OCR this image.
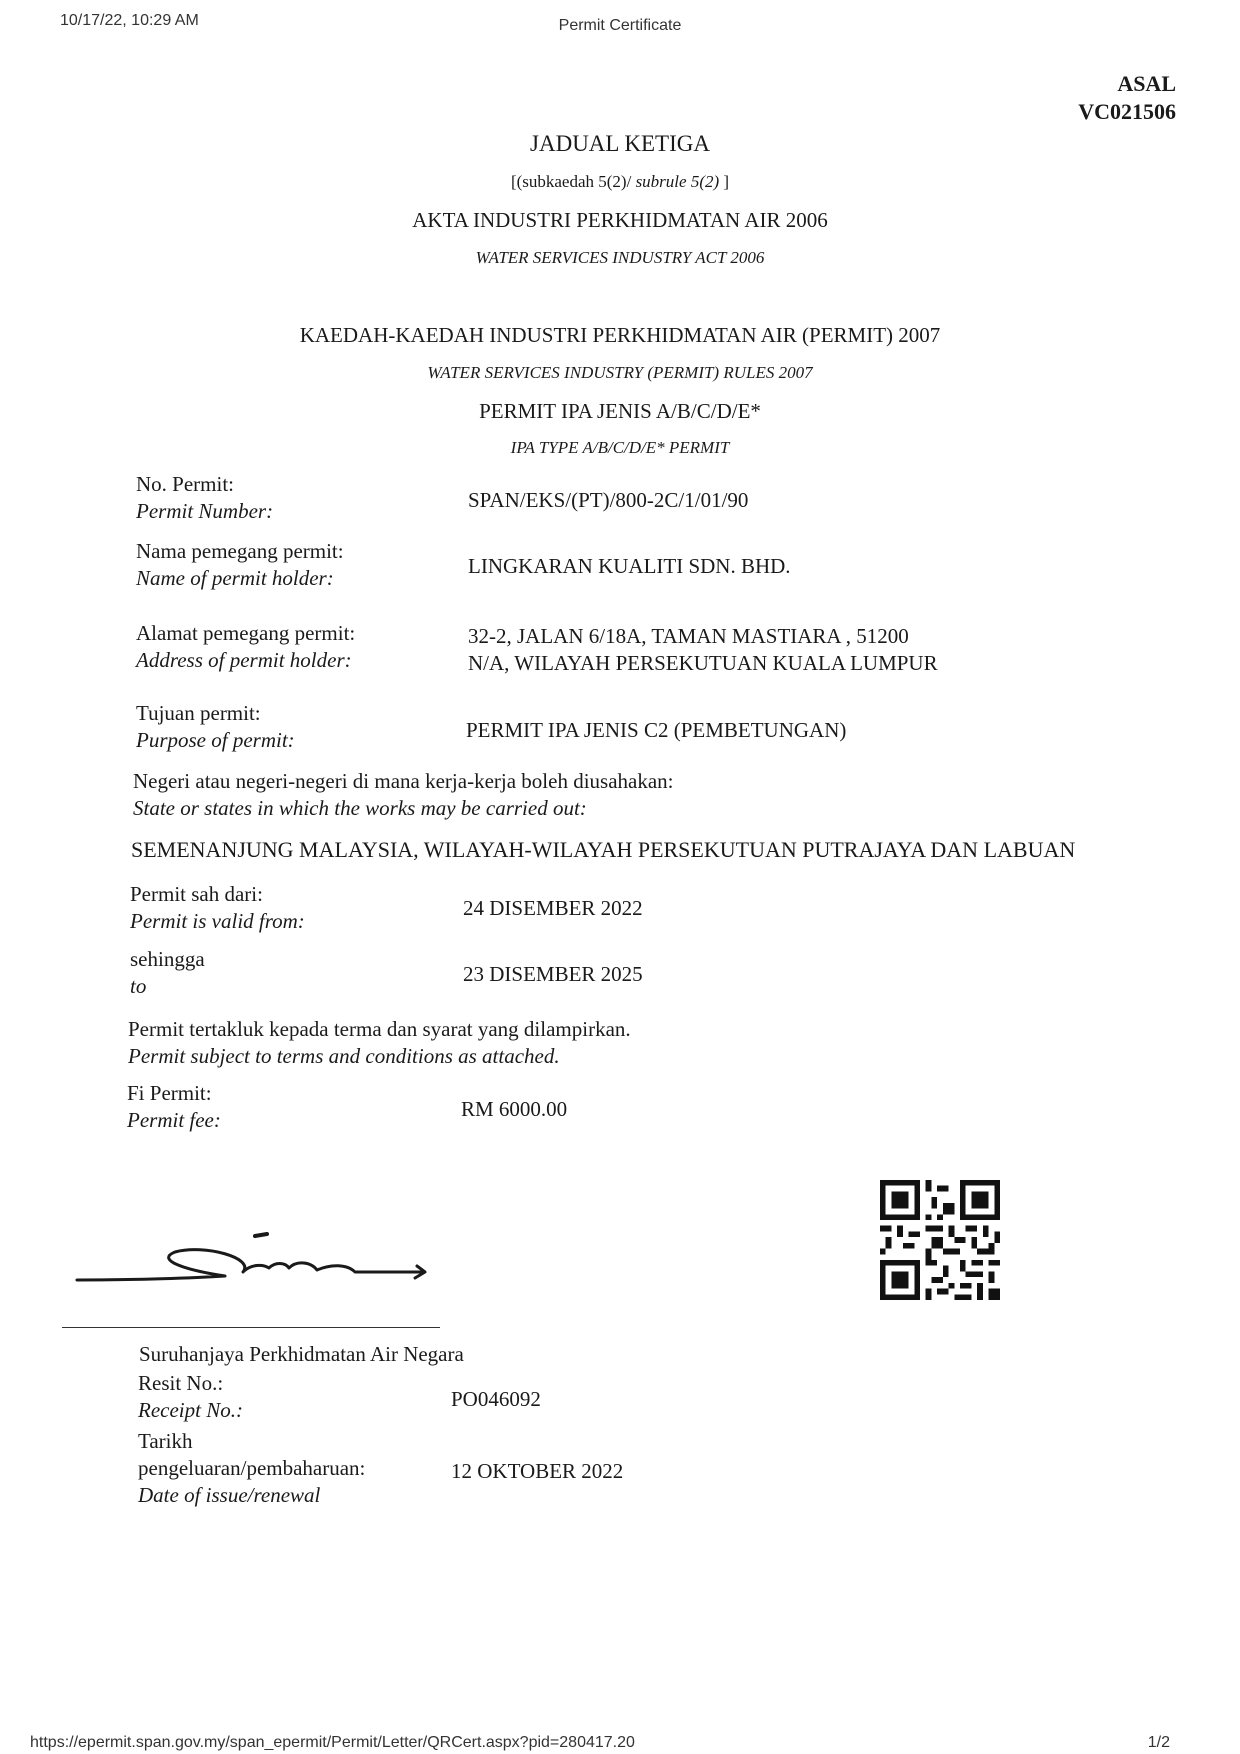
10/17/22, 10:29 AM	Permit Certificate
ASAL
VC021506
JADUAL KETIGA
[(subkaedah 5(2)/ subrule 5(2) ]
AKTA INDUSTRI PERKHIDMATAN AIR 2006
WATER SERVICES INDUSTRY ACT 2006
KAEDAH-KAEDAH INDUSTRI PERKHIDMATAN AIR (PERMIT) 2007
WATER SERVICES INDUSTRY (PERMIT) RULES 2007
PERMIT IPA JENIS A/B/C/D/E*
IPA TYPE A/B/C/D/E* PERMIT
No. Permit:
Permit Number:	SPAN/EKS/(PT)/800-2C/1/01/90
Nama pemegang permit:
Name of permit holder:	LINGKARAN KUALITI SDN. BHD.
Alamat pemegang permit:
Address of permit holder:
32-2, JALAN 6/18A, TAMAN MASTIARA , 51200
N/A, WILAYAH PERSEKUTUAN KUALA LUMPUR
Tujuan permit:
Purpose of permit:	PERMIT IPA JENIS C2 (PEMBETUNGAN)
Negeri atau negeri-negeri di mana kerja-kerja boleh diusahakan:
State or states in which the works may be carried out:
SEMENANJUNG MALAYSIA, WILAYAH-WILAYAH PERSEKUTUAN PUTRAJAYA DAN LABUAN
Permit sah dari:
Permit is valid from:
24 DISEMBER 2022
sehingga
to	23 DISEMBER 2025
Permit tertakluk kepada terma dan syarat yang dilampirkan.
Permit subject to terms and conditions as attached.
Fi Permit:
Permit fee:	RM 6000.00
Suruhanjaya Perkhidmatan Air Negara
Resit No.:
Receipt No.:	PO046092
Tarikh
pengeluaran/pembaharuan:
Date of issue/renewal
12 OKTOBER 2022
https://epermit.span.gov.my/span_epermit/Permit/Letter/QRCert.aspx?pid=280417.20	1/2
